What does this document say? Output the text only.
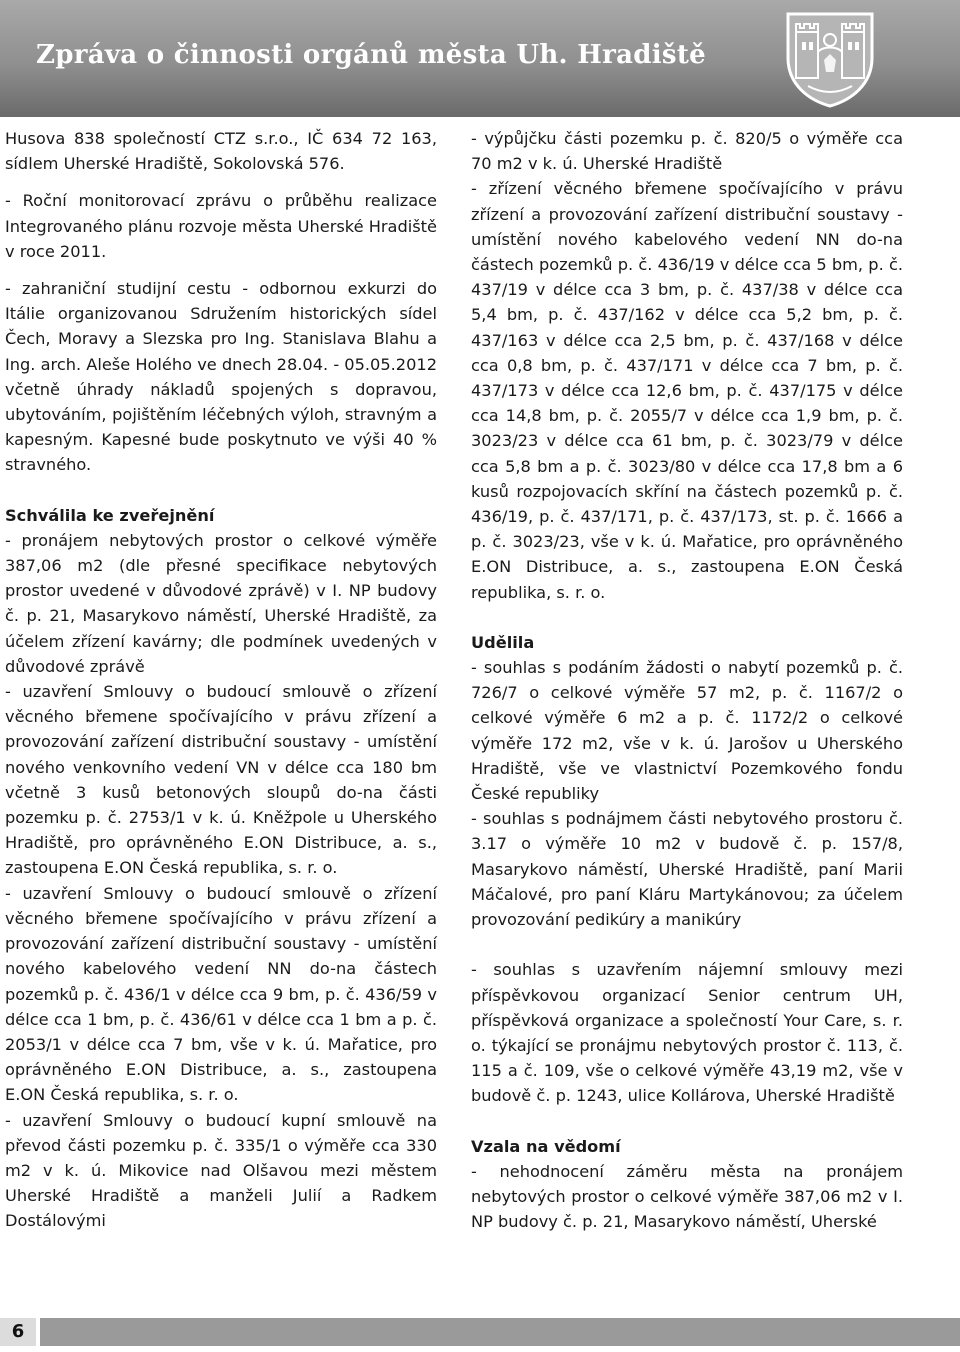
Zpráva o činnosti orgánů města Uh. Hradiště

Husova 838 společností CTZ s.r.o., IČ 634 72 163, sídlem Uherské Hradiště, Sokolovská 576.

- Roční monitorovací zprávu o průběhu realizace Integrovaného plánu rozvoje města Uherské Hradiště v roce 2011.

- zahraniční studijní cestu - odbornou exkurzi do Itálie organizovanou Sdružením historických sídel Čech, Moravy a Slezska pro Ing. Stanislava Blahu a Ing. arch. Aleše Holého ve dnech 28.04. - 05.05.2012 včetně úhrady nákladů spojených s dopravou, ubytováním, pojištěním léčebných výloh, stravným a kapesným. Kapesné bude poskytnuto ve výši 40 % stravného.

Schválila ke zveřejnění

- pronájem nebytových prostor o celkové výměře 387,06 m2 (dle přesné specifikace nebytových prostor uvedené v důvodové zprávě) v I. NP budovy č. p. 21, Masarykovo náměstí, Uherské Hradiště, za účelem zřízení kavárny; dle podmínek uvedených v důvodové zprávě

- uzavření Smlouvy o budoucí smlouvě o zřízení věcného břemene spočívajícího v právu zřízení a provozování zařízení distribuční soustavy - umístění nového venkovního vedení VN v délce cca 180 bm včetně 3 kusů betonových sloupů do-na části pozemku p. č. 2753/1 v k. ú. Kněžpole u Uherského Hradiště, pro oprávněného E.ON Distribuce, a. s., zastoupena E.ON Česká republika, s. r. o.

- uzavření Smlouvy o budoucí smlouvě o zřízení věcného břemene spočívajícího v právu zřízení a provozování zařízení distribuční soustavy - umístění nového kabelového vedení NN do-na částech pozemků p. č. 436/1 v délce cca 9 bm, p. č. 436/59 v délce cca 1 bm, p. č. 436/61 v délce cca 1 bm a p. č. 2053/1 v délce cca 7 bm, vše v k. ú. Mařatice, pro oprávněného E.ON Distribuce, a. s., zastoupena E.ON Česká republika, s. r. o.

- uzavření Smlouvy o budoucí kupní smlouvě na převod části pozemku p. č. 335/1 o výměře cca 330 m2 v k. ú. Mikovice nad Olšavou mezi městem Uherské Hradiště a manželi Julií a Radkem Dostálovými

- výpůjčku části pozemku p. č. 820/5 o výměře cca 70 m2 v k. ú. Uherské Hradiště

- zřízení věcného břemene spočívajícího v právu zřízení a provozování zařízení distribuční soustavy - umístění nového kabelového vedení NN do-na částech pozemků p. č. 436/19 v délce cca 5 bm, p. č. 437/19 v délce cca 3 bm, p. č. 437/38 v délce cca 5,4 bm, p. č. 437/162 v délce cca 5,2 bm, p. č. 437/163 v délce cca 2,5 bm, p. č. 437/168 v délce cca 0,8 bm, p. č. 437/171 v délce cca 7 bm, p. č. 437/173 v délce cca 12,6 bm, p. č. 437/175 v délce cca 14,8 bm, p. č. 2055/7 v délce cca 1,9 bm, p. č. 3023/23 v délce cca 61 bm, p. č. 3023/79 v délce cca 5,8 bm a p. č. 3023/80 v délce cca 17,8 bm a 6 kusů rozpojovacích skříní na částech pozemků p. č. 436/19, p. č. 437/171, p. č. 437/173, st. p. č. 1666 a p. č. 3023/23, vše v k. ú. Mařatice, pro oprávněného E.ON Distribuce, a. s., zastoupena E.ON Česká republika, s. r. o.

Udělila

- souhlas s podáním žádosti o nabytí pozemků p. č. 726/7 o celkové výměře 57 m2, p. č. 1167/2 o celkové výměře 6 m2 a p. č. 1172/2 o celkové výměře 172 m2, vše v k. ú. Jarošov u Uherského Hradiště, vše ve vlastnictví Pozemkového fondu České republiky

- souhlas s podnájmem části nebytového prostoru č. 3.17 o výměře 10 m2 v budově č. p. 157/8, Masarykovo náměstí, Uherské Hradiště, paní Marii Máčalové, pro paní Kláru Martykánovou; za účelem provozování pedikúry a manikúry

- souhlas s uzavřením nájemní smlouvy mezi příspěvkovou organizací Senior centrum UH, příspěvková organizace a společností Your Care, s. r. o. týkající se pronájmu nebytových prostor č. 113, č. 115 a č. 109, vše o celkové výměře 43,19 m2, vše v budově č. p. 1243, ulice Kollárova, Uherské Hradiště

Vzala na vědomí

- nehodnocení záměru města na pronájem nebytových prostor o celkové výměře 387,06 m2 v I. NP budovy č. p. 21, Masarykovo náměstí, Uherské

6
